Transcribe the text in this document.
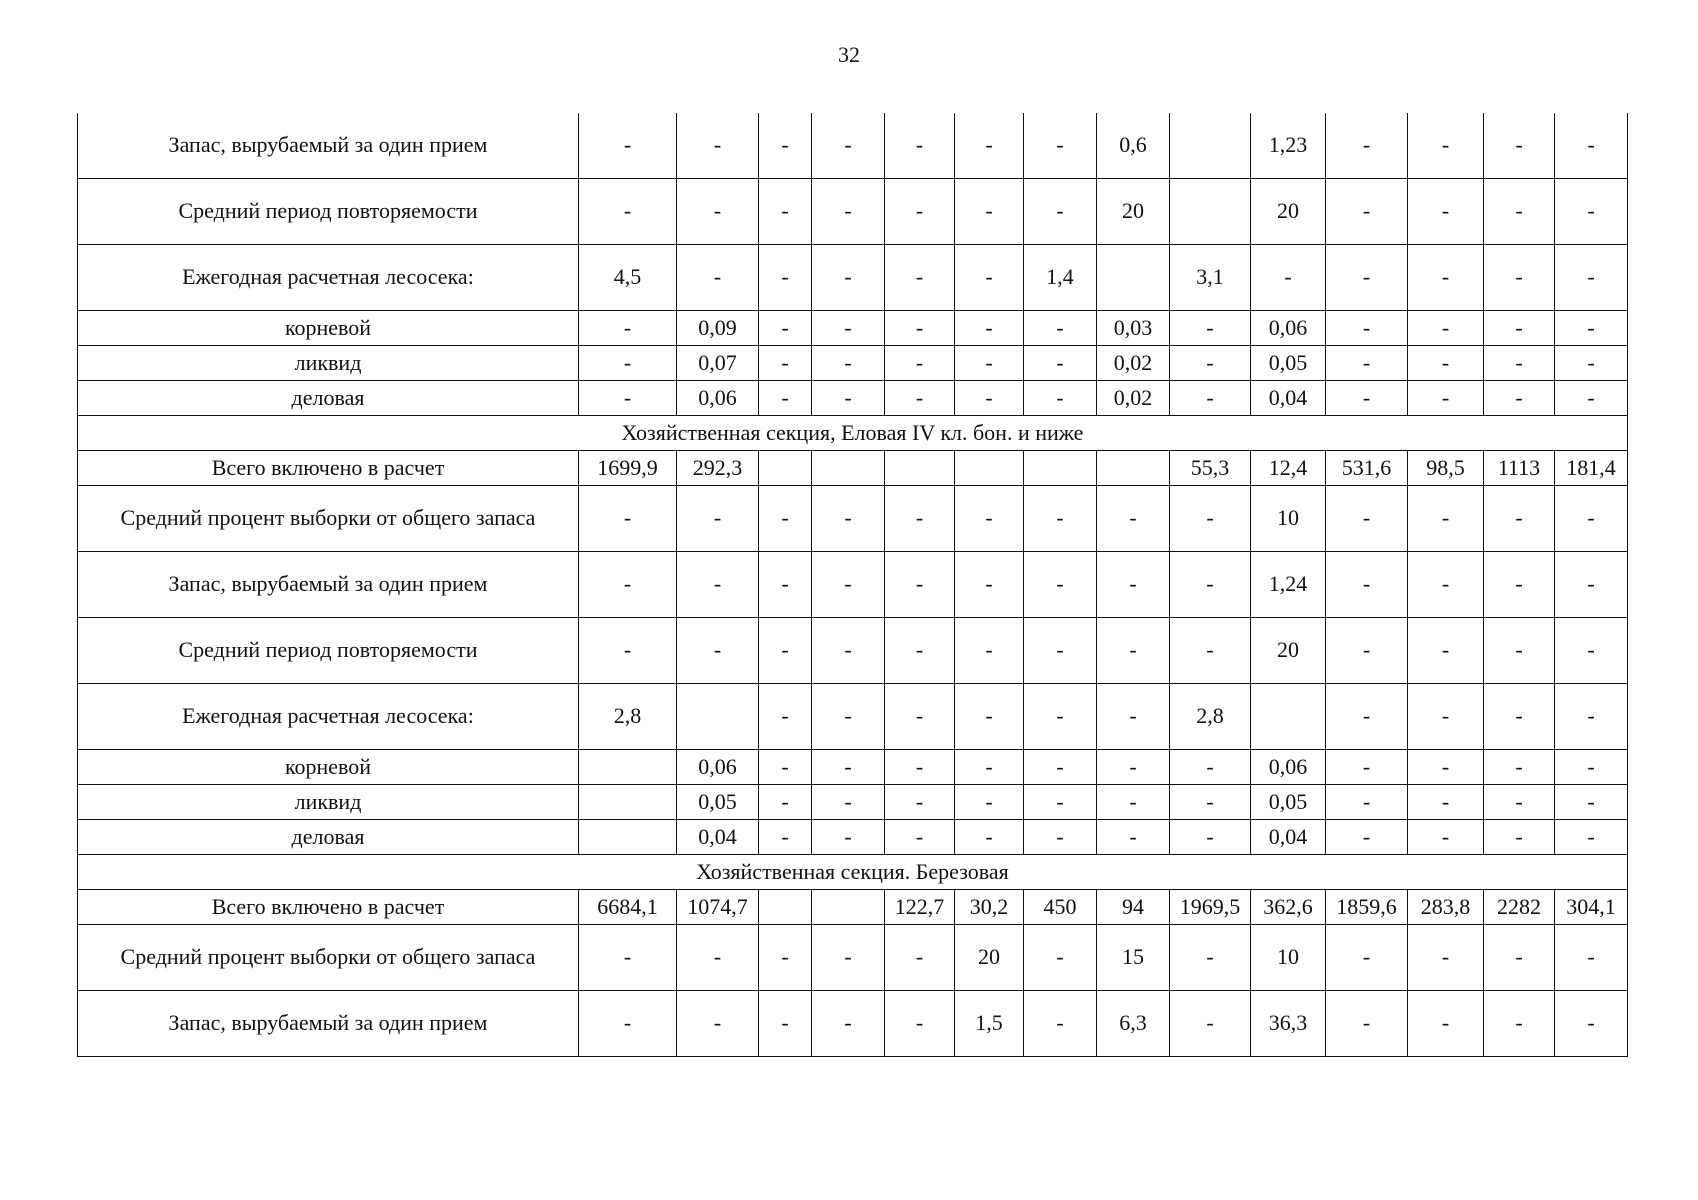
32
Запас, вырубаемый за один прием	-	-	-	-	-	-	-	0,6		1,23	-	-	-	-
Средний период повторяемости	-	-	-	-	-	-	-	20		20	-	-	-	-
Ежегодная расчетная лесосека:	4,5	-	-	-	-	-	1,4		3,1	-	-	-	-	-
корневой	-	0,09	-	-	-	-	-	0,03	-	0,06	-	-	-	-
ликвид	-	0,07	-	-	-	-	-	0,02	-	0,05	-	-	-	-
деловая	-	0,06	-	-	-	-	-	0,02	-	0,04	-	-	-	-
Хозяйственная секция, Еловая IV кл. бон. и ниже														
Всего включено в расчет	1699,9	292,3							55,3	12,4	531,6	98,5	1113	181,4
Средний процент выборки от общего запаса	-	-	-	-	-	-	-	-	-	10	-	-	-	-
Запас, вырубаемый за один прием	-	-	-	-	-	-	-	-	-	1,24	-	-	-	-
Средний период повторяемости	-	-	-	-	-	-	-	-	-	20	-	-	-	-
Ежегодная расчетная лесосека:	2,8		-	-	-	-	-	-	2,8		-	-	-	-
корневой		0,06	-	-	-	-	-	-	-	0,06	-	-	-	-
ликвид		0,05	-	-	-	-	-	-	-	0,05	-	-	-	-
деловая		0,04	-	-	-	-	-	-	-	0,04	-	-	-	-
Хозяйственная секция. Березовая														
Всего включено в расчет	6684,1	1074,7			122,7	30,2	450	94	1969,5	362,6	1859,6	283,8	2282	304,1
Средний процент выборки от общего запаса	-	-	-	-	-	20	-	15	-	10	-	-	-	-
Запас, вырубаемый за один прием	-	-	-	-	-	1,5	-	6,3	-	36,3	-	-	-	-
